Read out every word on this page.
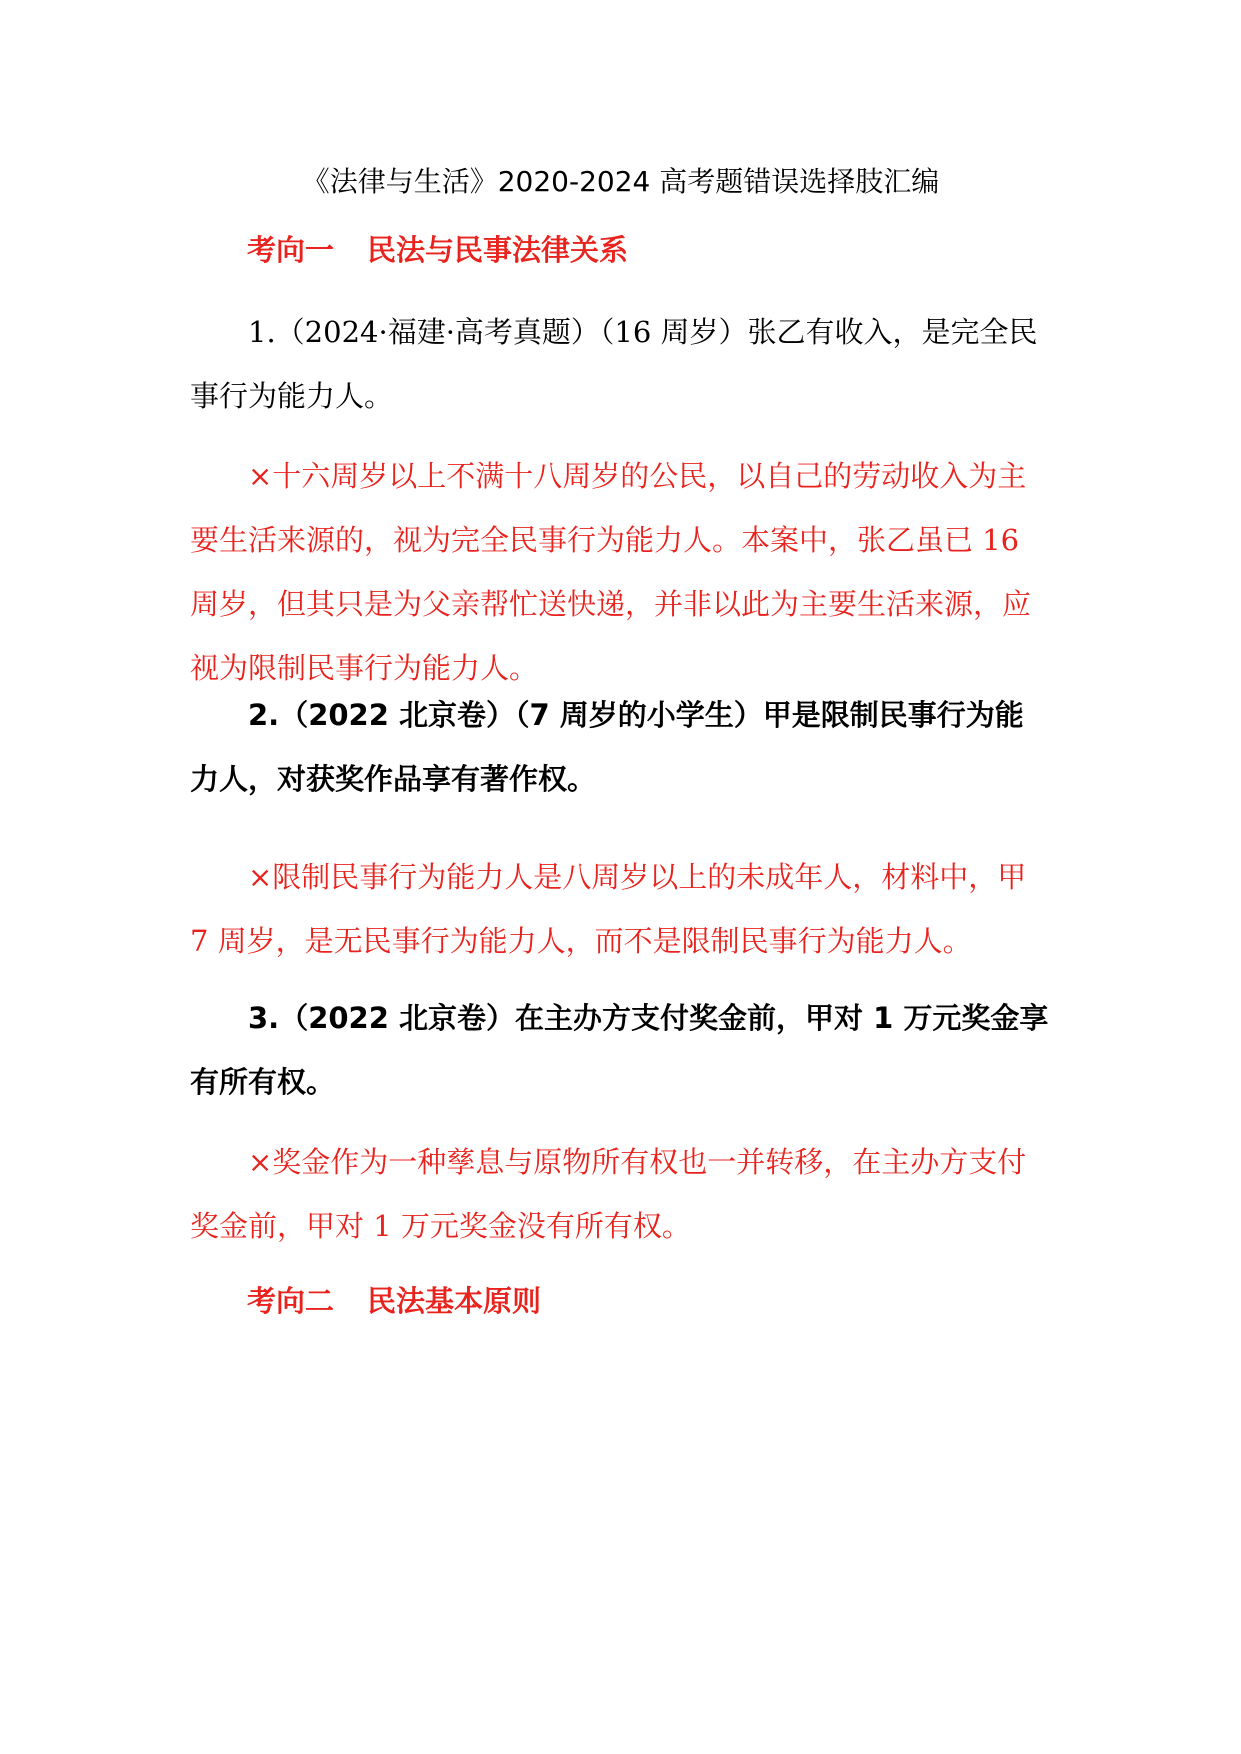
《法律与生活》2020-2024 高考题错误选择肢汇编
考向一 民法与民事法律关系

1.（2024·福建·高考真题）（16 周岁）张乙有收入，是完全民事行为能力人。

×十六周岁以上不满十八周岁的公民，以自己的劳动收入为主要生活来源的，视为完全民事行为能力人。本案中，张乙虽已 16 周岁，但其只是为父亲帮忙送快递，并非以此为主要生活来源，应视为限制民事行为能力人。

2.（2022 北京卷）（7 周岁的小学生）甲是限制民事行为能力人，对获奖作品享有著作权。

×限制民事行为能力人是八周岁以上的未成年人，材料中，甲 7 周岁，是无民事行为能力人，而不是限制民事行为能力人。

3.（2022 北京卷）在主办方支付奖金前，甲对 1 万元奖金享有所有权。

×奖金作为一种孳息与原物所有权也一并转移，在主办方支付奖金前，甲对 1 万元奖金没有所有权。

考向二 民法基本原则
